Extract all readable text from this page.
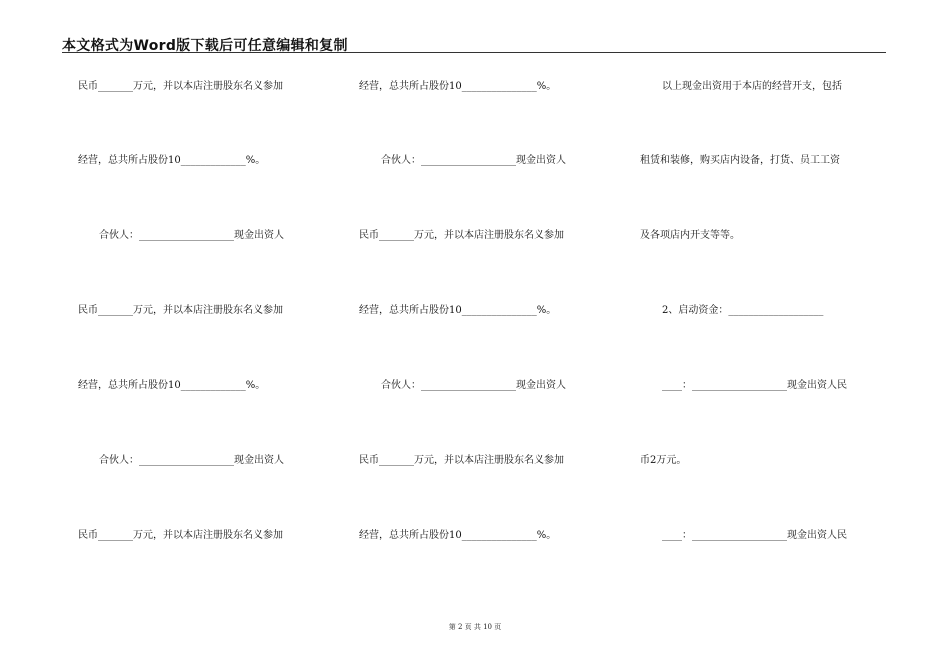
本文格式为Word版下载后可任意编辑和复制
民币_______万元，并以本店注册股东名义参加
经营，总共所占股份10_____________%。
合伙人：___________________现金出资人
民币_______万元，并以本店注册股东名义参加
经营，总共所占股份10_____________%。
合伙人：___________________现金出资人
民币_______万元，并以本店注册股东名义参加
经营，总共所占股份10_______________%。
合伙人：___________________现金出资人
民币_______万元，并以本店注册股东名义参加
经营，总共所占股份10_______________%。
合伙人：___________________现金出资人
民币_______万元，并以本店注册股东名义参加
经营，总共所占股份10_______________%。
以上现金出资用于本店的经营开支，包括
租赁和装修，购买店内设备，打货、员工工资
及各项店内开支等等。
2、启动资金：___________________
____：___________________现金出资人民
币2万元。
____：___________________现金出资人民
第 2 页 共 10 页
